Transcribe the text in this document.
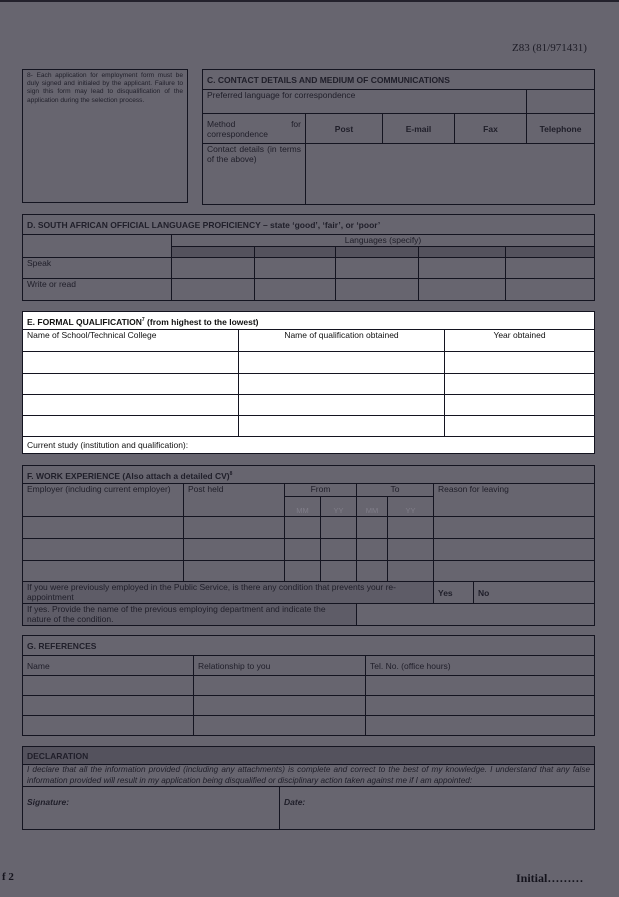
Z83 (81/971431)
8- Each application for employment form must be duly signed and initialed by the applicant. Failure to sign this form may lead to disqualification of the application during the selection process.
C. CONTACT DETAILS AND MEDIUM OF COMMUNICATIONS				
Preferred language for correspondence				
Method for correspondence	Post	E-mail	Fax	Telephone
Contact details (in terms of the above)				
D. SOUTH AFRICAN OFFICIAL LANGUAGE PROFICIENCY – state ‘good’, ‘fair’, or ‘poor’					
	Languages (specify)				

Speak					
Write or read					
E. FORMAL QUALIFICATION$^7$ (from highest to the lowest)		
Name of School/Technical College	Name of qualification obtained	Year obtained

Current study (institution and qualification):		
F. WORK EXPERIENCE (Also attach a detailed CV)$^8$
Employer (including current employer)	Post held	From		To		Reason for leaving	
		MM	YY	MM	YY		

If you were previously employed in the Public Service, is there any condition that prevents your re-appointment						Yes	No
If yes. Provide the name of the previous employing department and indicate the nature of the condition.							
G. REFERENCES		
Name	Relationship to you	Tel. No. (office hours)

DECLARATION
I declare that all the information provided (including any attachments) is complete and correct to the best of my knowledge. I understand that any false information provided will result in my application being disqualified or disciplinary action taken against me if I am appointed:
Signature:	Date:
f 2	Initial………
